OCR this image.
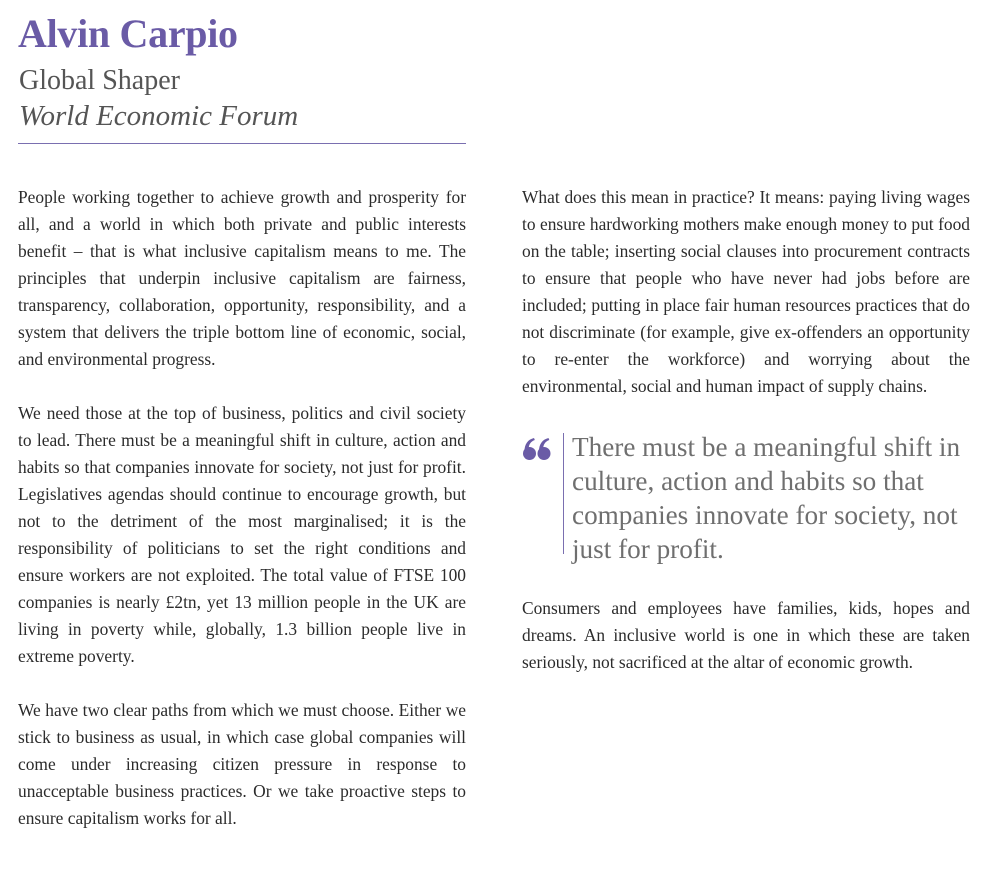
Alvin Carpio
Global Shaper
World Economic Forum

People working together to achieve growth and prosperity for all, and a world in which both private and public interests benefit – that is what inclusive capitalism means to me. The principles that underpin inclusive capitalism are fairness, transparency, collaboration, opportunity, responsibility, and a system that delivers the triple bottom line of economic, social, and environmental progress.

We need those at the top of business, politics and civil society to lead. There must be a meaningful shift in culture, action and habits so that companies innovate for society, not just for profit. Legislatives agendas should continue to encourage growth, but not to the detriment of the most marginalised; it is the responsibility of politicians to set the right conditions and ensure workers are not exploited. The total value of FTSE 100 companies is nearly £2tn, yet 13 million people in the UK are living in poverty while, globally, 1.3 billion people live in extreme poverty.

We have two clear paths from which we must choose. Either we stick to business as usual, in which case global companies will come under increasing citizen pressure in response to unacceptable business practices. Or we take proactive steps to ensure capitalism works for all.

What does this mean in practice? It means: paying living wages to ensure hardworking mothers make enough money to put food on the table; inserting social clauses into procurement contracts to ensure that people who have never had jobs before are included; putting in place fair human resources practices that do not discriminate (for example, give ex-offenders an opportunity to re-enter the workforce) and worrying about the environmental, social and human impact of supply chains.

There must be a meaningful shift in culture, action and habits so that companies innovate for society, not just for profit.

Consumers and employees have families, kids, hopes and dreams. An inclusive world is one in which these are taken seriously, not sacrificed at the altar of economic growth.
